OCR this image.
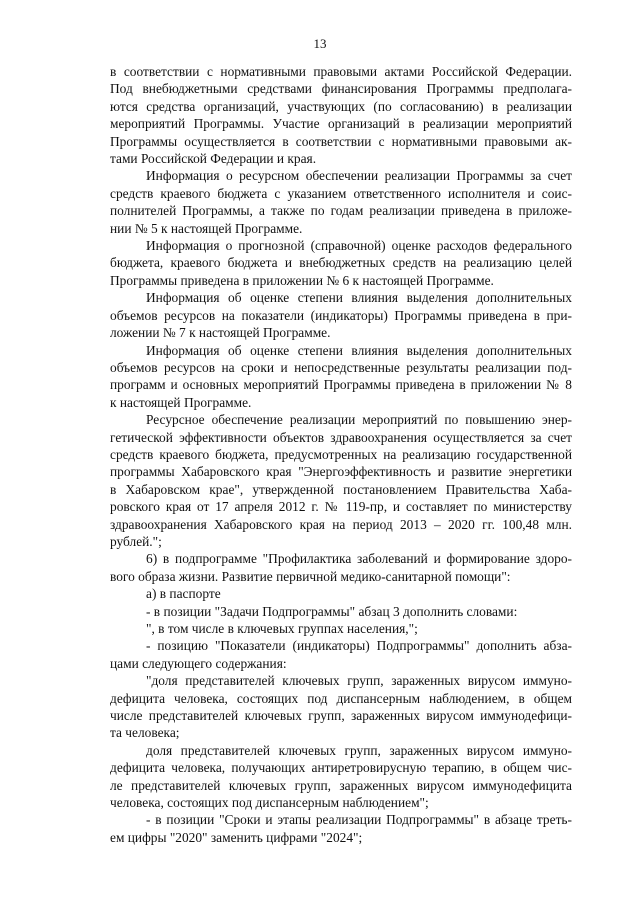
13
в соответствии с нормативными правовыми актами Российской Федерации.
Под внебюджетными средствами финансирования Программы предполага-
ются средства организаций, участвующих (по согласованию) в реализации
мероприятий Программы. Участие организаций в реализации мероприятий
Программы осуществляется в соответствии с нормативными правовыми ак-
тами Российской Федерации и края.
Информация о ресурсном обеспечении реализации Программы за счет
средств краевого бюджета с указанием ответственного исполнителя и соис-
полнителей Программы, а также по годам реализации приведена в приложе-
нии № 5 к настоящей Программе.
Информация о прогнозной (справочной) оценке расходов федерального
бюджета, краевого бюджета и внебюджетных средств на реализацию целей
Программы приведена в приложении № 6 к настоящей Программе.
Информация об оценке степени влияния выделения дополнительных
объемов ресурсов на показатели (индикаторы) Программы приведена в при-
ложении № 7 к настоящей Программе.
Информация об оценке степени влияния выделения дополнительных
объемов ресурсов на сроки и непосредственные результаты реализации под-
программ и основных мероприятий Программы приведена в приложении № 8
к настоящей Программе.
Ресурсное обеспечение реализации мероприятий по повышению энер-
гетической эффективности объектов здравоохранения осуществляется за счет
средств краевого бюджета, предусмотренных на реализацию государственной
программы Хабаровского края "Энергоэффективность и развитие энергетики
в Хабаровском крае", утвержденной постановлением Правительства Хаба-
ровского края от 17 апреля 2012 г. № 119-пр, и составляет по министерству
здравоохранения Хабаровского края на период 2013 – 2020 гг. 100,48 млн.
рублей.";
6) в подпрограмме "Профилактика заболеваний и формирование здоро-
вого образа жизни. Развитие первичной медико-санитарной помощи":
а) в паспорте
- в позиции "Задачи Подпрограммы" абзац 3 дополнить словами:
", в том числе в ключевых группах населения,";
- позицию "Показатели (индикаторы) Подпрограммы" дополнить абза-
цами следующего содержания:
"доля представителей ключевых групп, зараженных вирусом иммуно-
дефицита человека, состоящих под диспансерным наблюдением, в общем
числе представителей ключевых групп, зараженных вирусом иммунодефици-
та человека;
доля представителей ключевых групп, зараженных вирусом иммуно-
дефицита человека, получающих антиретровирусную терапию, в общем чис-
ле представителей ключевых групп, зараженных вирусом иммунодефицита
человека, состоящих под диспансерным наблюдением";
- в позиции "Сроки и этапы реализации Подпрограммы" в абзаце треть-
ем цифры "2020" заменить цифрами "2024";
